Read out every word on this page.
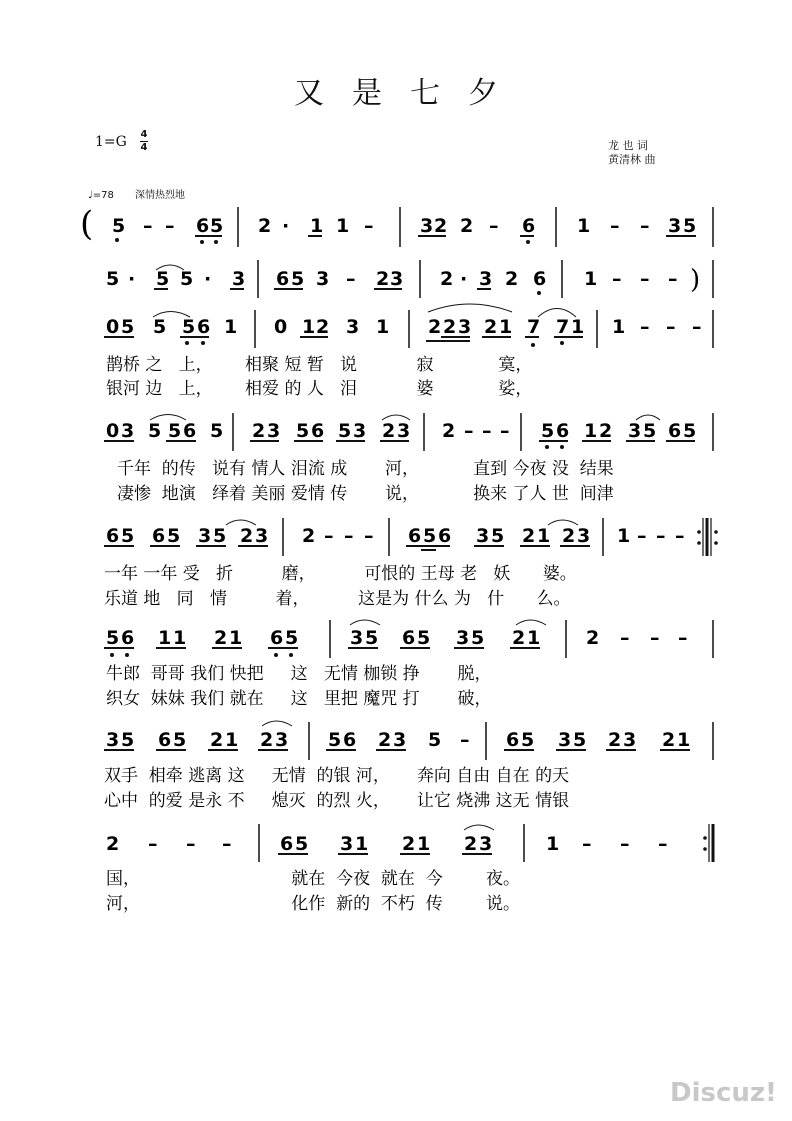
又是七夕
1=G 4
4	龙 也 词
黄清林 曲
♩=78 深情热烈地
( 5 – – 6 5 2 · 1 1 – 3 2 2 – 6 1 – – 3 5
5 · 5 5 · 3 6 5 3 – 2 3 2 · 3 2 6 1 – – – )
0 5 5 5 6 1 0 1 2 3 1 2 2 3 2 1 7 7 1 1 – – –
鹊桥 之   上，      相聚 短 暂   说           寂            寞，
银河 边   上，      相爱 的 人   泪           婆            娑，
0 3 5 5 6 5 2 3 5 6 5 3 2 3 2 – – – 5 6 1 2 3 5 6 5
千年  的传   说有 情人 泪流 成       河，          直到 今夜 没  结果
凄惨  地演   绎着 美丽 爱情 传       说，          换来 了人 世  间津
6 5 6 5 3 5 2 3 2 – – – 6 5 6 3 5 2 1 2 3 1 – – –
一年 一年 受   折         磨，         可恨的 王母 老   妖      婆。
乐道 地   同   情         着，         这是为 什么 为   什      么。
5 6 1 1 2 1 6 5	3 5 6 5 3 5 2 1 2 – – –
牛郎  哥哥 我们 快把     这   无情 枷锁 挣       脱，
织女  妹妹 我们 就在     这   里把 魔咒 打       破，
3 5 6 5 2 1 2 3 5 6 2 3 5 – 6 5 3 5 2 3 2 1
双手  相牵 逃离 这     无情  的银 河，     奔向 自由 自在 的天
心中  的爱 是永 不     熄灭  的烈 火，     让它 烧沸 这无 情银
2 – – –	6 5 3 1 2 1 2 3	1 – – –
国，                            就在  今夜  就在  今        夜。
河，                            化作  新的  不朽  传        说。
Discuz!
